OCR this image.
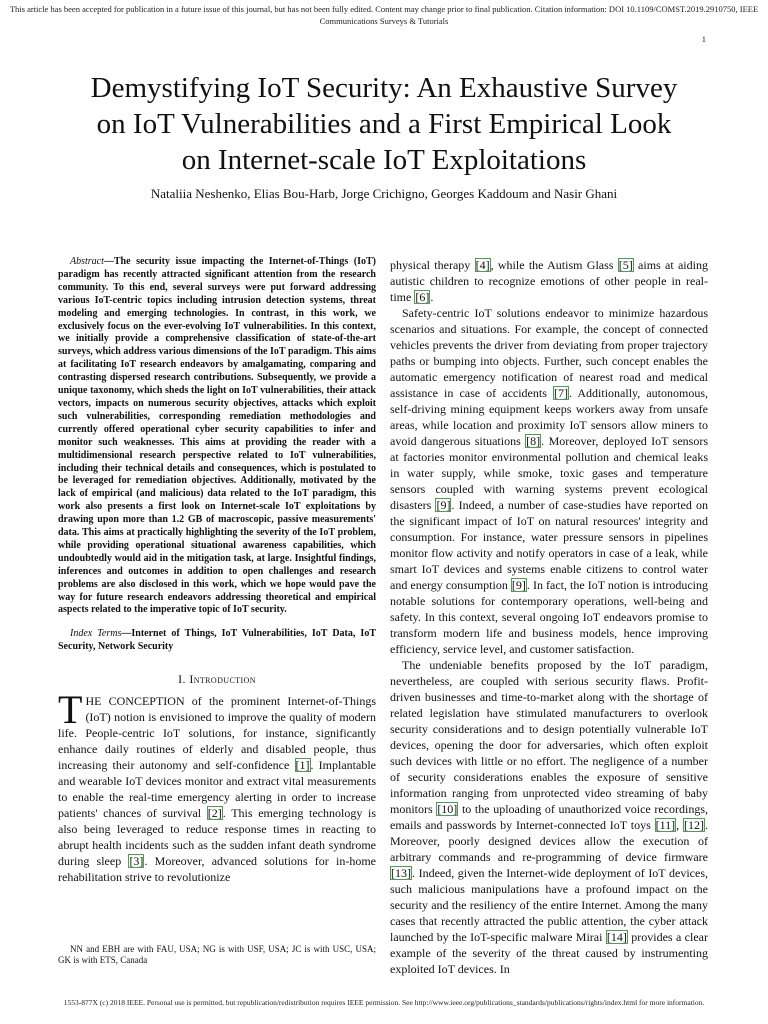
This article has been accepted for publication in a future issue of this journal, but has not been fully edited. Content may change prior to final publication. Citation information: DOI 10.1109/COMST.2019.2910750, IEEE
Communications Surveys & Tutorials
1
Demystifying IoT Security: An Exhaustive Survey
on IoT Vulnerabilities and a First Empirical Look
on Internet-scale IoT Exploitations
Nataliia Neshenko, Elias Bou-Harb, Jorge Crichigno, Georges Kaddoum and Nasir Ghani

Abstract—The security issue impacting the Internet-of-Things (IoT) paradigm has recently attracted significant attention from the research community. To this end, several surveys were put forward addressing various IoT-centric topics including intrusion detection systems, threat modeling and emerging technologies. In contrast, in this work, we exclusively focus on the ever-evolving IoT vulnerabilities. In this context, we initially provide a comprehensive classification of state-of-the-art surveys, which address various dimensions of the IoT paradigm. This aims at facilitating IoT research endeavors by amalgamating, comparing and contrasting dispersed research contributions. Subsequently, we provide a unique taxonomy, which sheds the light on IoT vulnerabilities, their attack vectors, impacts on numerous security objectives, attacks which exploit such vulnerabilities, corresponding remediation methodologies and currently offered operational cyber security capabilities to infer and monitor such weaknesses. This aims at providing the reader with a multidimensional research perspective related to IoT vulnerabilities, including their technical details and consequences, which is postulated to be leveraged for remediation objectives. Additionally, motivated by the lack of empirical (and malicious) data related to the IoT paradigm, this work also presents a first look on Internet-scale IoT exploitations by drawing upon more than 1.2 GB of macroscopic, passive measurements' data. This aims at practically highlighting the severity of the IoT problem, while providing operational situational awareness capabilities, which undoubtedly would aid in the mitigation task, at large. Insightful findings, inferences and outcomes in addition to open challenges and research problems are also disclosed in this work, which we hope would pave the way for future research endeavors addressing theoretical and empirical aspects related to the imperative topic of IoT security.

Index Terms—Internet of Things, IoT Vulnerabilities, IoT Data, IoT Security, Network Security

I. Introduction

THE CONCEPTION of the prominent Internet-of-Things (IoT) notion is envisioned to improve the quality of modern life. People-centric IoT solutions, for instance, significantly enhance daily routines of elderly and disabled people, thus increasing their autonomy and self-confidence [1]. Implantable and wearable IoT devices monitor and extract vital measurements to enable the real-time emergency alerting in order to increase patients' chances of survival [2]. This emerging technology is also being leveraged to reduce response times in reacting to abrupt health incidents such as the sudden infant death syndrome during sleep [3]. Moreover, advanced solutions for in-home rehabilitation strive to revolutionize

NN and EBH are with FAU, USA; NG is with USF, USA; JC is with USC, USA; GK is with ETS, Canada

physical therapy [4], while the Autism Glass [5] aims at aiding autistic children to recognize emotions of other people in real-time [6].

Safety-centric IoT solutions endeavor to minimize hazardous scenarios and situations. For example, the concept of connected vehicles prevents the driver from deviating from proper trajectory paths or bumping into objects. Further, such concept enables the automatic emergency notification of nearest road and medical assistance in case of accidents [7]. Additionally, autonomous, self-driving mining equipment keeps workers away from unsafe areas, while location and proximity IoT sensors allow miners to avoid dangerous situations [8]. Moreover, deployed IoT sensors at factories monitor environmental pollution and chemical leaks in water supply, while smoke, toxic gases and temperature sensors coupled with warning systems prevent ecological disasters [9]. Indeed, a number of case-studies have reported on the significant impact of IoT on natural resources' integrity and consumption. For instance, water pressure sensors in pipelines monitor flow activity and notify operators in case of a leak, while smart IoT devices and systems enable citizens to control water and energy consumption [9]. In fact, the IoT notion is introducing notable solutions for contemporary operations, well-being and safety. In this context, several ongoing IoT endeavors promise to transform modern life and business models, hence improving efficiency, service level, and customer satisfaction.

The undeniable benefits proposed by the IoT paradigm, nevertheless, are coupled with serious security flaws. Profit-driven businesses and time-to-market along with the shortage of related legislation have stimulated manufacturers to overlook security considerations and to design potentially vulnerable IoT devices, opening the door for adversaries, which often exploit such devices with little or no effort. The negligence of a number of security considerations enables the exposure of sensitive information ranging from unprotected video streaming of baby monitors [10] to the uploading of unauthorized voice recordings, emails and passwords by Internet-connected IoT toys [11], [12]. Moreover, poorly designed devices allow the execution of arbitrary commands and re-programming of device firmware [13]. Indeed, given the Internet-wide deployment of IoT devices, such malicious manipulations have a profound impact on the security and the resiliency of the entire Internet. Among the many cases that recently attracted the public attention, the cyber attack launched by the IoT-specific malware Mirai [14] provides a clear example of the severity of the threat caused by instrumenting exploited IoT devices. In

1553-877X (c) 2018 IEEE. Personal use is permitted, but republication/redistribution requires IEEE permission. See http://www.ieee.org/publications_standards/publications/rights/index.html for more information.
